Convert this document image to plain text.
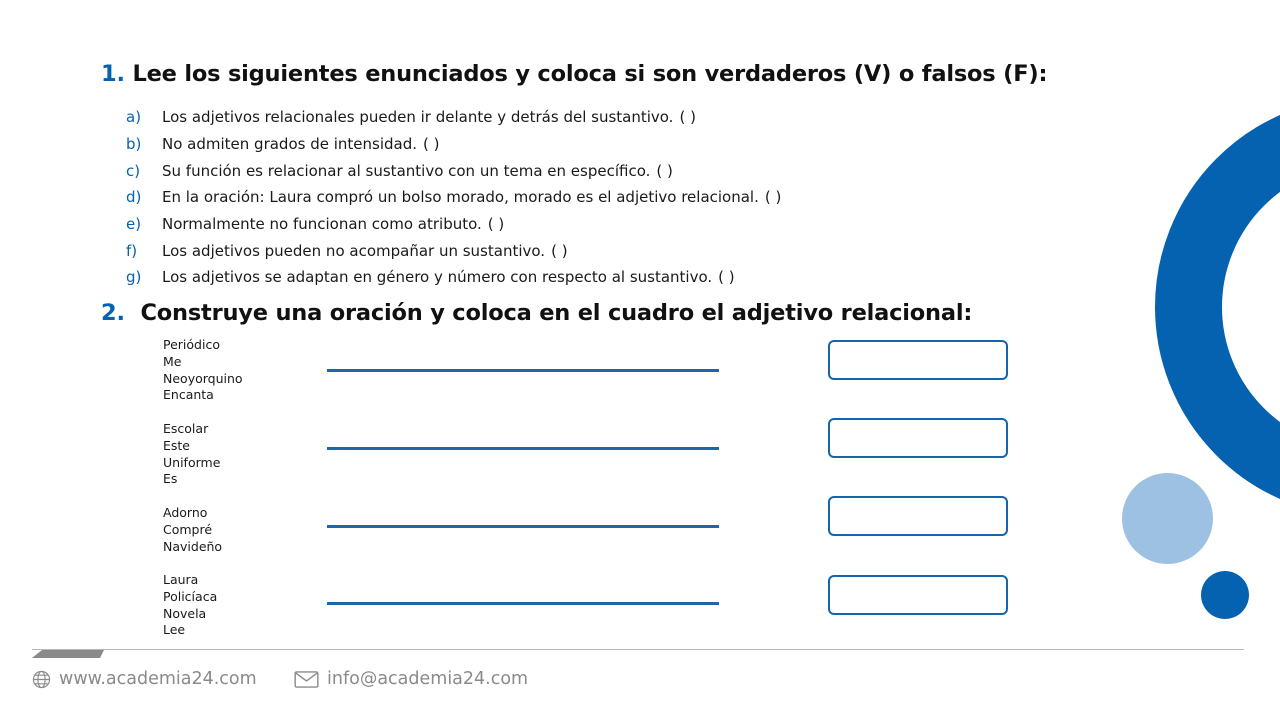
1. Lee los siguientes enunciados y coloca si son verdaderos (V) o falsos (F):
a)	Los adjetivos relacionales pueden ir delante y detrás del sustantivo. ( )
b)	No admiten grados de intensidad. ( )
c)	Su función es relacionar al sustantivo con un tema en específico. ( )
d)	En la oración: Laura compró un bolso morado, morado es el adjetivo relacional. ( )
e)	Normalmente no funcionan como atributo. ( )
f)	Los adjetivos pueden no acompañar un sustantivo. ( )
g)	Los adjetivos se adaptan en género y número con respecto al sustantivo. ( )
2. Construye una oración y coloca en el cuadro el adjetivo relacional:
Periódico
Me
Neoyorquino
Encanta
Escolar
Este
Uniforme
Es
Adorno
Compré
Navideño
Laura
Policíaca
Novela
Lee
www.academia24.com	info@academia24.com
